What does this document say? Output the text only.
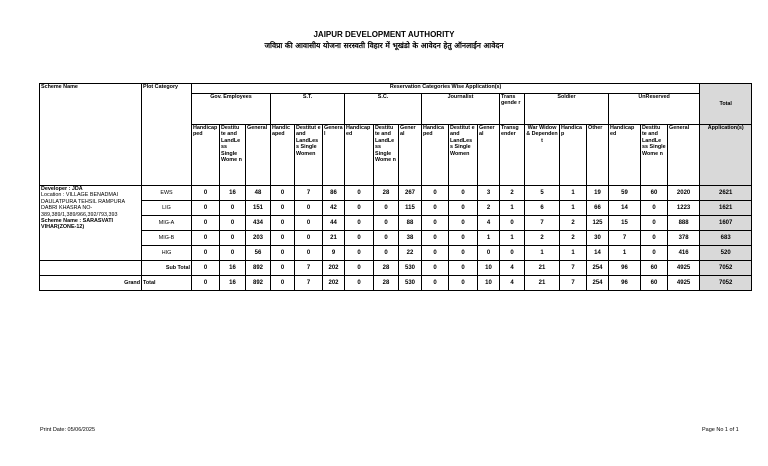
JAIPUR DEVELOPMENT AUTHORITY
जविप्रा की आवासीय योजना सरस्वती विहार में भूखंडो के आवेदन हेतु ऑनलाईन आवेदन
Scheme Name	Plot Category	Reservation Categories Wise Application(s)																			Total
		Gov. Employees			S.T.			S.C.			Journalist			Trans gende r	Soldier			UnReserved			
		Handicap ped	Destitu te and LandLe ss Single Wome n	General	Handic aped	Destitut e and LandLes s Single Women	Genera l	Handicap ed	Destitu te and LandLe ss Single Wome n	Gener al	Handica ped	Destitut e and LandLes s Single Women	Gener al	Transg ender	War Widow & Dependen t	Handica p	Other	Handicap ed	Destitu te and LandLe ss Single Wome n	General	Application(s)
Developer : JDA
Location : VILLAGE BENADMAI DAULATPURA TEHSIL RAMPURA DABRI KHASRA NO-389,389/1,389/966,392/793,393
Scheme Name : SARASVATI VIHAR(ZONE-12)	EWS	0	16	48	0	7	86	0	28	267	0	0	3	2	5	1	19	59	60	2020	2621
	LIG	0	0	151	0	0	42	0	0	115	0	0	2	1	6	1	66	14	0	1223	1621
	MIG-A	0	0	434	0	0	44	0	0	88	0	0	4	0	7	2	125	15	0	888	1607
	MIG-B	0	0	203	0	0	21	0	0	38	0	0	1	1	2	2	30	7	0	378	683
	HIG	0	0	56	0	0	9	0	0	22	0	0	0	0	1	1	14	1	0	416	520
	Sub Total	0	16	892	0	7	202	0	28	530	0	0	10	4	21	7	254	96	60	4925	7052
Grand	Total	0	16	892	0	7	202	0	28	530	0	0	10	4	21	7	254	96	60	4925	7052
Print Date: 05/06/2025	Page No 1 of 1
